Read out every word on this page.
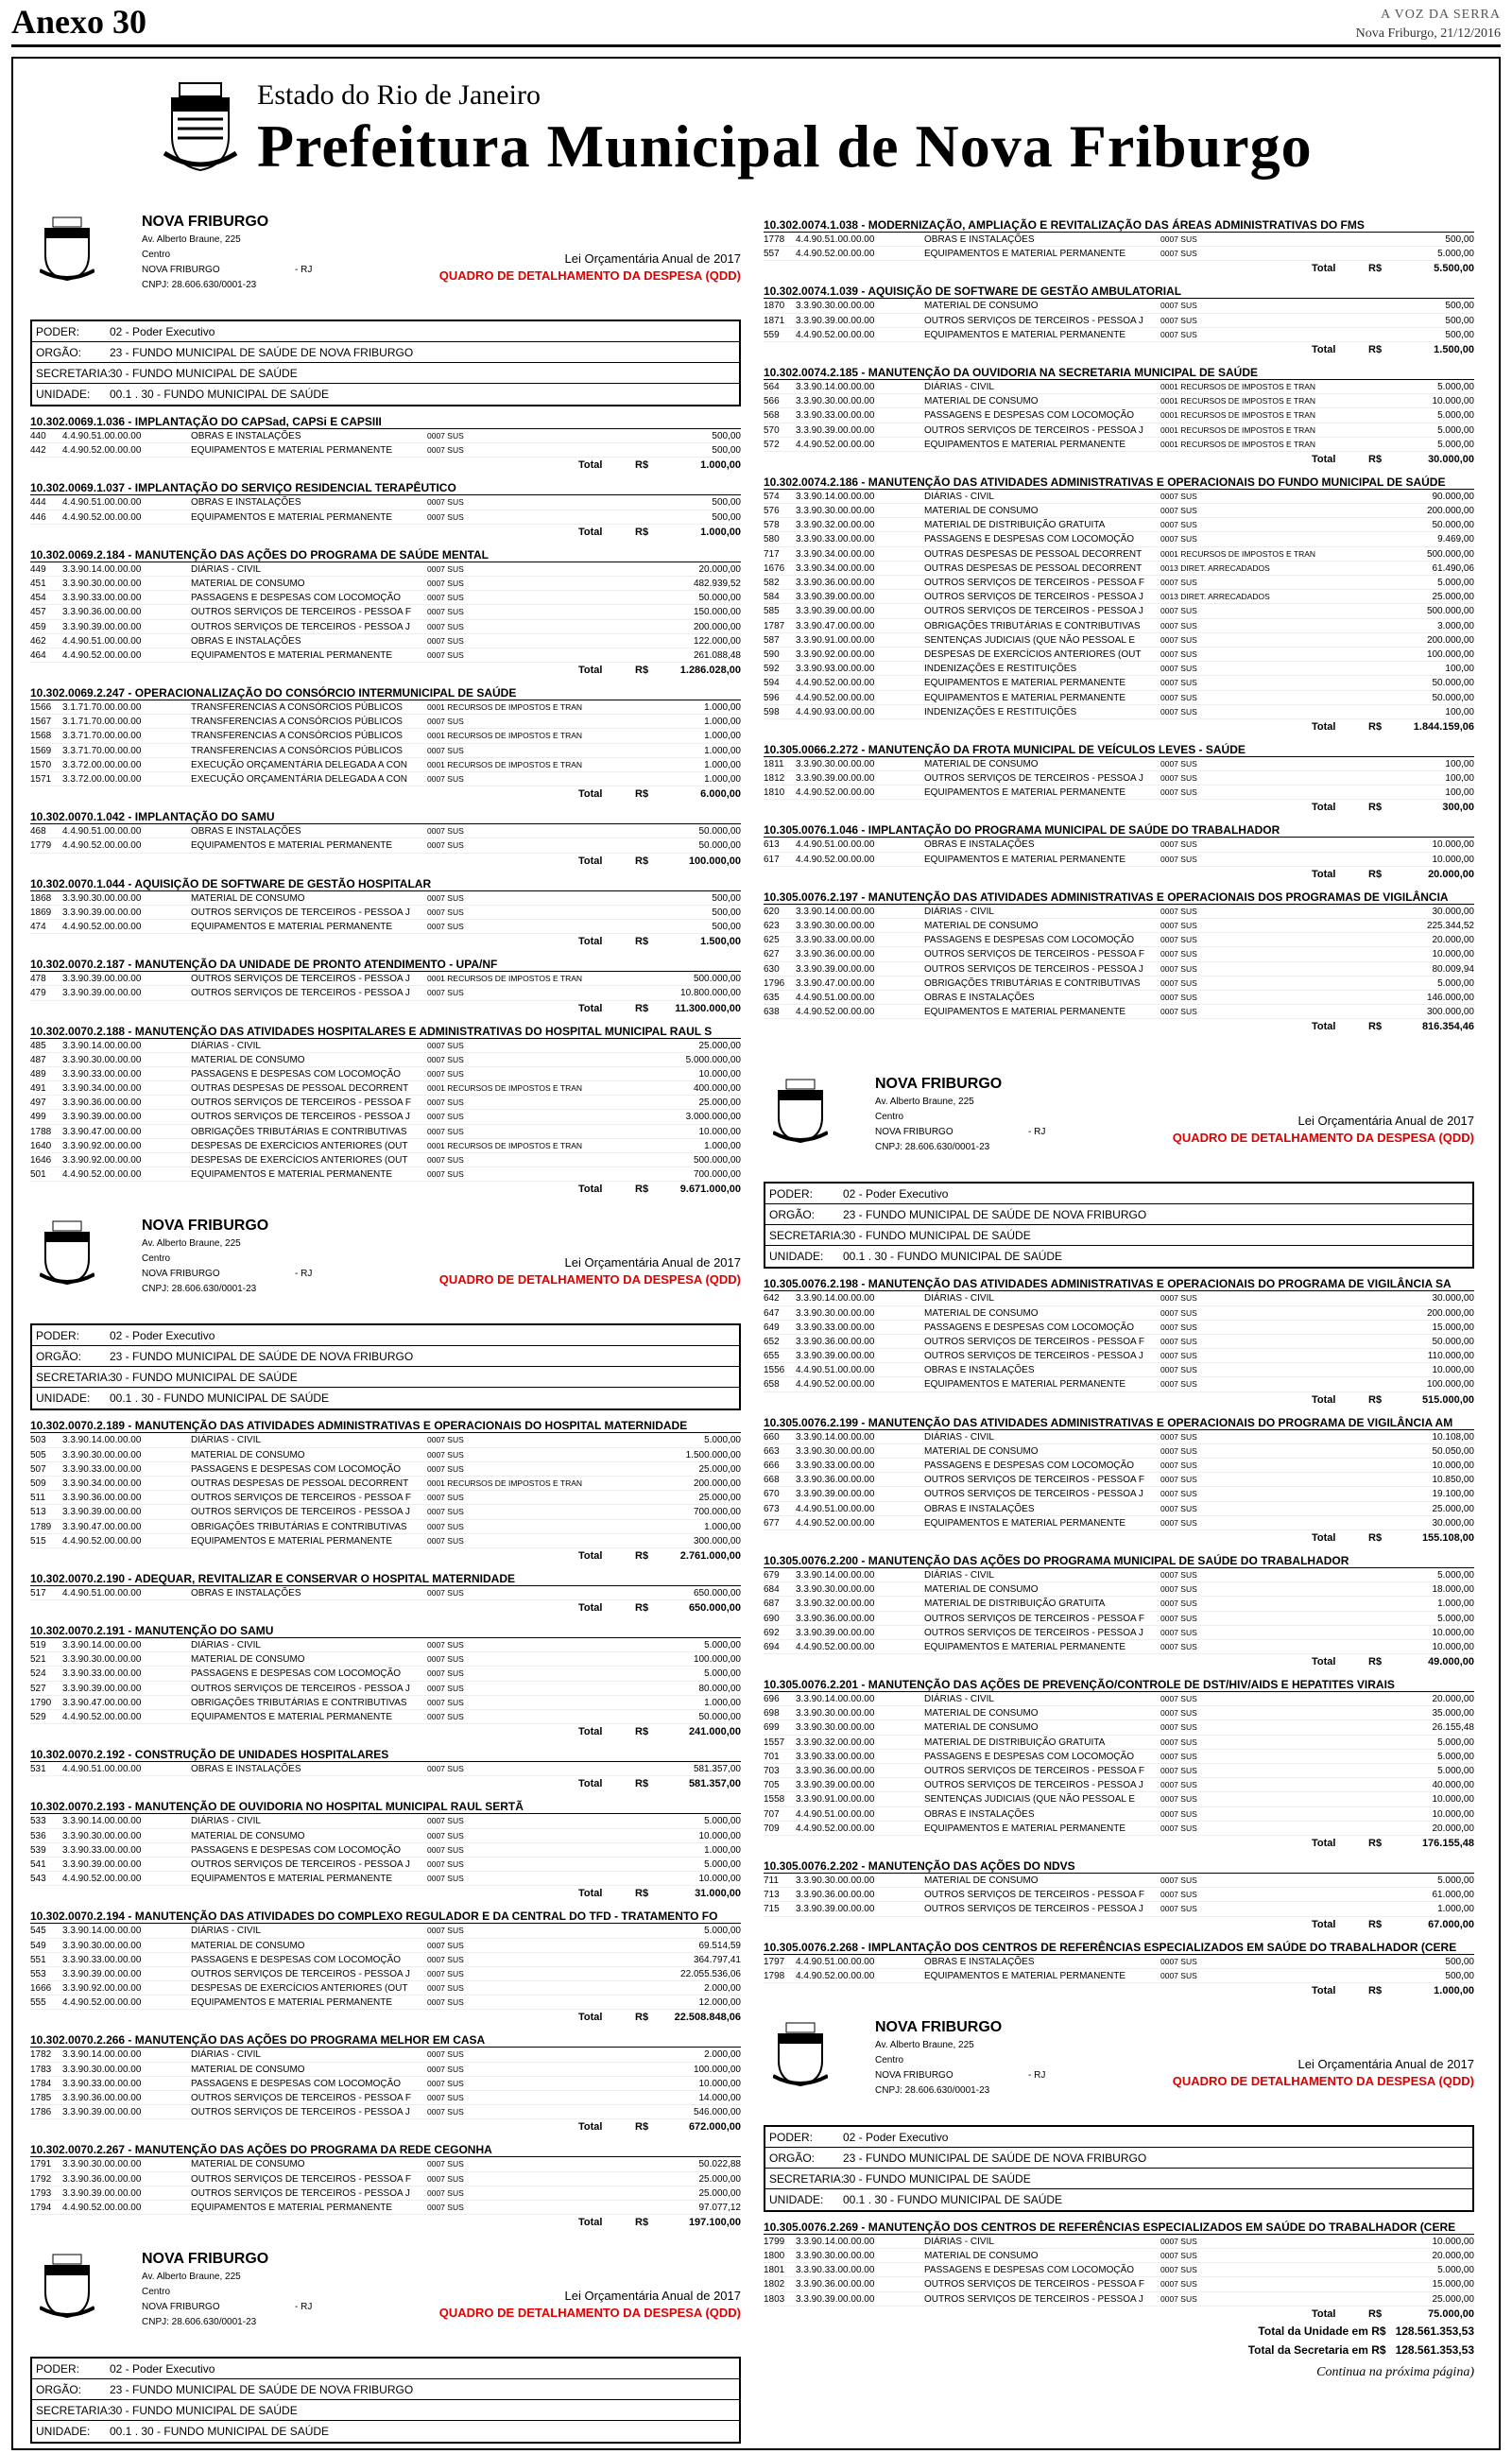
Anexo 30	A VOZ DA SERRA
Nova Friburgo, 21/12/2016
Estado do Rio de Janeiro
Prefeitura Municipal de Nova Friburgo
NOVA FRIBURGO
Av. Alberto Braune, 225
Centro
NOVA FRIBURGO	- RJ
CNPJ: 28.606.630/0001-23
Lei Orçamentária Anual de 2017
QUADRO DE DETALHAMENTO DA DESPESA (QDD)
PODER:	02 - Poder Executivo
ORGÃO: 23 - FUNDO MUNICIPAL DE SAÚDE DE NOVA FRIBURGO
SECRETARIA:30 - FUNDO MUNICIPAL DE SAÚDE
UNIDADE: 00.1 . 30 - FUNDO MUNICIPAL DE SAÚDE
10.302.0069.1.036 - IMPLANTAÇÃO DO CAPSad, CAPSi E CAPSIII
440 4.4.90.51.00.00.00	OBRAS E INSTALAÇÕES	0007 SUS	500,00
442 4.4.90.52.00.00.00	EQUIPAMENTOS E MATERIAL PERMANENTE	0007 SUS	500,00
Total	R$	1.000,00
10.302.0069.1.037 - IMPLANTAÇÃO DO SERVIÇO RESIDENCIAL TERAPÊUTICO
444 4.4.90.51.00.00.00	OBRAS E INSTALAÇÕES	0007 SUS	500,00
446 4.4.90.52.00.00.00	EQUIPAMENTOS E MATERIAL PERMANENTE	0007 SUS	500,00
Total	R$	1.000,00
10.302.0069.2.184 - MANUTENÇÃO DAS AÇÕES DO PROGRAMA DE SAÚDE MENTAL
449 3.3.90.14.00.00.00	DIÁRIAS - CIVIL	0007 SUS	20.000,00
451 3.3.90.30.00.00.00	MATERIAL DE CONSUMO	0007 SUS	482.939,52
454 3.3.90.33.00.00.00	PASSAGENS E DESPESAS COM LOCOMOÇÃO	0007 SUS	50.000,00
457 3.3.90.36.00.00.00	OUTROS SERVIÇOS DE TERCEIROS - PESSOA F	0007 SUS	150.000,00
459 3.3.90.39.00.00.00	OUTROS SERVIÇOS DE TERCEIROS - PESSOA J	0007 SUS	200.000,00
462 4.4.90.51.00.00.00	OBRAS E INSTALAÇÕES	0007 SUS	122.000,00
464 4.4.90.52.00.00.00	EQUIPAMENTOS E MATERIAL PERMANENTE	0007 SUS	261.088,48
Total	R$	1.286.028,00
10.302.0069.2.247 - OPERACIONALIZAÇÃO DO CONSÓRCIO INTERMUNICIPAL DE SAÚDE
1566 3.1.71.70.00.00.00	TRANSFERENCIAS A CONSÓRCIOS PÚBLICOS	0001 RECURSOS DE IMPOSTOS E TRAN	1.000,00
1567 3.1.71.70.00.00.00	TRANSFERENCIAS A CONSÓRCIOS PÚBLICOS	0007 SUS	1.000,00
1568 3.3.71.70.00.00.00	TRANSFERENCIAS A CONSÓRCIOS PÚBLICOS	0001 RECURSOS DE IMPOSTOS E TRAN	1.000,00
1569 3.3.71.70.00.00.00	TRANSFERENCIAS A CONSÓRCIOS PÚBLICOS	0007 SUS	1.000,00
1570 3.3.72.00.00.00.00	EXECUÇÃO ORÇAMENTÁRIA DELEGADA A CON	0001 RECURSOS DE IMPOSTOS E TRAN	1.000,00
1571 3.3.72.00.00.00.00	EXECUÇÃO ORÇAMENTÁRIA DELEGADA A CON	0007 SUS	1.000,00
Total	R$	6.000,00
10.302.0070.1.042 - IMPLANTAÇÃO DO SAMU
468 4.4.90.51.00.00.00	OBRAS E INSTALAÇÕES	0007 SUS	50.000,00
1779 4.4.90.52.00.00.00	EQUIPAMENTOS E MATERIAL PERMANENTE	0007 SUS	50.000,00
Total	R$	100.000,00
10.302.0070.1.044 - AQUISIÇÃO DE SOFTWARE DE GESTÃO HOSPITALAR
1868 3.3.90.30.00.00.00	MATERIAL DE CONSUMO	0007 SUS	500,00
1869 3.3.90.39.00.00.00	OUTROS SERVIÇOS DE TERCEIROS - PESSOA J	0007 SUS	500,00
474 4.4.90.52.00.00.00	EQUIPAMENTOS E MATERIAL PERMANENTE	0007 SUS	500,00
Total	R$	1.500,00
10.302.0070.2.187 - MANUTENÇÃO DA UNIDADE DE PRONTO ATENDIMENTO - UPA/NF
478 3.3.90.39.00.00.00	OUTROS SERVIÇOS DE TERCEIROS - PESSOA J	0001 RECURSOS DE IMPOSTOS E TRAN	500.000,00
479 3.3.90.39.00.00.00	OUTROS SERVIÇOS DE TERCEIROS - PESSOA J	0007 SUS	10.800.000,00
Total	R$	11.300.000,00
10.302.0070.2.188 - MANUTENÇÃO DAS ATIVIDADES HOSPITALARES E ADMINISTRATIVAS DO HOSPITAL MUNICIPAL RAUL S
485 3.3.90.14.00.00.00	DIÁRIAS - CIVIL	0007 SUS	25.000,00
487 3.3.90.30.00.00.00	MATERIAL DE CONSUMO	0007 SUS	5.000.000,00
489 3.3.90.33.00.00.00	PASSAGENS E DESPESAS COM LOCOMOÇÃO	0007 SUS	10.000,00
491 3.3.90.34.00.00.00	OUTRAS DESPESAS DE PESSOAL DECORRENT	0001 RECURSOS DE IMPOSTOS E TRAN	400.000,00
497 3.3.90.36.00.00.00	OUTROS SERVIÇOS DE TERCEIROS - PESSOA F	0007 SUS	25.000,00
499 3.3.90.39.00.00.00	OUTROS SERVIÇOS DE TERCEIROS - PESSOA J	0007 SUS	3.000.000,00
1788 3.3.90.47.00.00.00	OBRIGAÇÕES TRIBUTÁRIAS E CONTRIBUTIVAS	0007 SUS	10.000,00
1640 3.3.90.92.00.00.00	DESPESAS DE EXERCÍCIOS ANTERIORES (OUT	0001 RECURSOS DE IMPOSTOS E TRAN	1.000,00
1646 3.3.90.92.00.00.00	DESPESAS DE EXERCÍCIOS ANTERIORES (OUT	0007 SUS	500.000,00
501 4.4.90.52.00.00.00	EQUIPAMENTOS E MATERIAL PERMANENTE	0007 SUS	700.000,00
Total	R$	9.671.000,00
NOVA FRIBURGO
Av. Alberto Braune, 225
Centro
NOVA FRIBURGO	- RJ
CNPJ: 28.606.630/0001-23
Lei Orçamentária Anual de 2017
QUADRO DE DETALHAMENTO DA DESPESA (QDD)
PODER:	02 - Poder Executivo
ORGÃO: 23 - FUNDO MUNICIPAL DE SAÚDE DE NOVA FRIBURGO
SECRETARIA:30 - FUNDO MUNICIPAL DE SAÚDE
UNIDADE: 00.1 . 30 - FUNDO MUNICIPAL DE SAÚDE
10.302.0070.2.189 - MANUTENÇÃO DAS ATIVIDADES ADMINISTRATIVAS E OPERACIONAIS DO HOSPITAL MATERNIDADE
503 3.3.90.14.00.00.00	DIÁRIAS - CIVIL	0007 SUS	5.000,00
505 3.3.90.30.00.00.00	MATERIAL DE CONSUMO	0007 SUS	1.500.000,00
507 3.3.90.33.00.00.00	PASSAGENS E DESPESAS COM LOCOMOÇÃO	0007 SUS	25.000,00
509 3.3.90.34.00.00.00	OUTRAS DESPESAS DE PESSOAL DECORRENT	0001 RECURSOS DE IMPOSTOS E TRAN	200.000,00
511 3.3.90.36.00.00.00	OUTROS SERVIÇOS DE TERCEIROS - PESSOA F	0007 SUS	25.000,00
513 3.3.90.39.00.00.00	OUTROS SERVIÇOS DE TERCEIROS - PESSOA J	0007 SUS	700.000,00
1789 3.3.90.47.00.00.00	OBRIGAÇÕES TRIBUTÁRIAS E CONTRIBUTIVAS	0007 SUS	1.000,00
515 4.4.90.52.00.00.00	EQUIPAMENTOS E MATERIAL PERMANENTE	0007 SUS	300.000,00
Total	R$	2.761.000,00
10.302.0070.2.190 - ADEQUAR, REVITALIZAR E CONSERVAR O HOSPITAL MATERNIDADE
517 4.4.90.51.00.00.00	OBRAS E INSTALAÇÕES	0007 SUS	650.000,00
Total	R$	650.000,00
10.302.0070.2.191 - MANUTENÇÃO DO SAMU
519 3.3.90.14.00.00.00	DIÁRIAS - CIVIL	0007 SUS	5.000,00
521 3.3.90.30.00.00.00	MATERIAL DE CONSUMO	0007 SUS	100.000,00
524 3.3.90.33.00.00.00	PASSAGENS E DESPESAS COM LOCOMOÇÃO	0007 SUS	5.000,00
527 3.3.90.39.00.00.00	OUTROS SERVIÇOS DE TERCEIROS - PESSOA J	0007 SUS	80.000,00
1790 3.3.90.47.00.00.00	OBRIGAÇÕES TRIBUTÁRIAS E CONTRIBUTIVAS	0007 SUS	1.000,00
529 4.4.90.52.00.00.00	EQUIPAMENTOS E MATERIAL PERMANENTE	0007 SUS	50.000,00
Total	R$	241.000,00
10.302.0070.2.192 - CONSTRUÇÃO DE UNIDADES HOSPITALARES
531 4.4.90.51.00.00.00	OBRAS E INSTALAÇÕES	0007 SUS	581.357,00
Total	R$	581.357,00
10.302.0070.2.193 - MANUTENÇÃO DE OUVIDORIA NO HOSPITAL MUNICIPAL RAUL SERTÃ
533 3.3.90.14.00.00.00	DIÁRIAS - CIVIL	0007 SUS	5.000,00
536 3.3.90.30.00.00.00	MATERIAL DE CONSUMO	0007 SUS	10.000,00
539 3.3.90.33.00.00.00	PASSAGENS E DESPESAS COM LOCOMOÇÃO	0007 SUS	1.000,00
541 3.3.90.39.00.00.00	OUTROS SERVIÇOS DE TERCEIROS - PESSOA J	0007 SUS	5.000,00
543 4.4.90.52.00.00.00	EQUIPAMENTOS E MATERIAL PERMANENTE	0007 SUS	10.000,00
Total	R$	31.000,00
10.302.0070.2.194 - MANUTENÇÃO DAS ATIVIDADES DO COMPLEXO REGULADOR E DA CENTRAL DO TFD - TRATAMENTO FO
545 3.3.90.14.00.00.00	DIÁRIAS - CIVIL	0007 SUS	5.000,00
549 3.3.90.30.00.00.00	MATERIAL DE CONSUMO	0007 SUS	69.514,59
551 3.3.90.33.00.00.00	PASSAGENS E DESPESAS COM LOCOMOÇÃO	0007 SUS	364.797,41
553 3.3.90.39.00.00.00	OUTROS SERVIÇOS DE TERCEIROS - PESSOA J	0007 SUS	22.055.536,06
1666 3.3.90.92.00.00.00	DESPESAS DE EXERCÍCIOS ANTERIORES (OUT	0007 SUS	2.000,00
555 4.4.90.52.00.00.00	EQUIPAMENTOS E MATERIAL PERMANENTE	0007 SUS	12.000,00
Total	R$	22.508.848,06
10.302.0070.2.266 - MANUTENÇÃO DAS AÇÕES DO PROGRAMA MELHOR EM CASA
1782 3.3.90.14.00.00.00	DIÁRIAS - CIVIL	0007 SUS	2.000,00
1783 3.3.90.30.00.00.00	MATERIAL DE CONSUMO	0007 SUS	100.000,00
1784 3.3.90.33.00.00.00	PASSAGENS E DESPESAS COM LOCOMOÇÃO	0007 SUS	10.000,00
1785 3.3.90.36.00.00.00	OUTROS SERVIÇOS DE TERCEIROS - PESSOA F	0007 SUS	14.000,00
1786 3.3.90.39.00.00.00	OUTROS SERVIÇOS DE TERCEIROS - PESSOA J	0007 SUS	546.000,00
Total	R$	672.000,00
10.302.0070.2.267 - MANUTENÇÃO DAS AÇÕES DO PROGRAMA DA REDE CEGONHA
1791 3.3.90.30.00.00.00	MATERIAL DE CONSUMO	0007 SUS	50.022,88
1792 3.3.90.36.00.00.00	OUTROS SERVIÇOS DE TERCEIROS - PESSOA F	0007 SUS	25.000,00
1793 3.3.90.39.00.00.00	OUTROS SERVIÇOS DE TERCEIROS - PESSOA J	0007 SUS	25.000,00
1794 4.4.90.52.00.00.00	EQUIPAMENTOS E MATERIAL PERMANENTE	0007 SUS	97.077,12
Total	R$	197.100,00
NOVA FRIBURGO
Av. Alberto Braune, 225
Centro
NOVA FRIBURGO	- RJ
CNPJ: 28.606.630/0001-23
Lei Orçamentária Anual de 2017
QUADRO DE DETALHAMENTO DA DESPESA (QDD)
PODER:	02 - Poder Executivo
ORGÃO: 23 - FUNDO MUNICIPAL DE SAÚDE DE NOVA FRIBURGO
SECRETARIA:30 - FUNDO MUNICIPAL DE SAÚDE
UNIDADE: 00.1 . 30 - FUNDO MUNICIPAL DE SAÚDE
10.302.0074.1.038 - MODERNIZAÇÃO, AMPLIAÇÃO E REVITALIZAÇÃO DAS ÁREAS ADMINISTRATIVAS DO FMS
1778 4.4.90.51.00.00.00	OBRAS E INSTALAÇÕES	0007 SUS	500,00
557 4.4.90.52.00.00.00	EQUIPAMENTOS E MATERIAL PERMANENTE	0007 SUS	5.000,00
Total	R$	5.500,00
10.302.0074.1.039 - AQUISIÇÃO DE SOFTWARE DE GESTÃO AMBULATORIAL
1870 3.3.90.30.00.00.00	MATERIAL DE CONSUMO	0007 SUS	500,00
1871 3.3.90.39.00.00.00	OUTROS SERVIÇOS DE TERCEIROS - PESSOA J	0007 SUS	500,00
559 4.4.90.52.00.00.00	EQUIPAMENTOS E MATERIAL PERMANENTE	0007 SUS	500,00
Total	R$	1.500,00
10.302.0074.2.185 - MANUTENÇÃO DA OUVIDORIA NA SECRETARIA MUNICIPAL DE SAÚDE
564 3.3.90.14.00.00.00	DIÁRIAS - CIVIL	0001 RECURSOS DE IMPOSTOS E TRAN	5.000,00
566 3.3.90.30.00.00.00	MATERIAL DE CONSUMO	0001 RECURSOS DE IMPOSTOS E TRAN	10.000,00
568 3.3.90.33.00.00.00	PASSAGENS E DESPESAS COM LOCOMOÇÃO	0001 RECURSOS DE IMPOSTOS E TRAN	5.000,00
570 3.3.90.39.00.00.00	OUTROS SERVIÇOS DE TERCEIROS - PESSOA J	0001 RECURSOS DE IMPOSTOS E TRAN	5.000,00
572 4.4.90.52.00.00.00	EQUIPAMENTOS E MATERIAL PERMANENTE	0001 RECURSOS DE IMPOSTOS E TRAN	5.000,00
Total	R$	30.000,00
10.302.0074.2.186 - MANUTENÇÃO DAS ATIVIDADES ADMINISTRATIVAS E OPERACIONAIS DO FUNDO MUNICIPAL DE SAÚDE
574 3.3.90.14.00.00.00	DIÁRIAS - CIVIL	0007 SUS	90.000,00
576 3.3.90.30.00.00.00	MATERIAL DE CONSUMO	0007 SUS	200.000,00
578 3.3.90.32.00.00.00	MATERIAL DE DISTRIBUIÇÃO GRATUITA	0007 SUS	50.000,00
580 3.3.90.33.00.00.00	PASSAGENS E DESPESAS COM LOCOMOÇÃO	0007 SUS	9.469,00
717 3.3.90.34.00.00.00	OUTRAS DESPESAS DE PESSOAL DECORRENT	0001 RECURSOS DE IMPOSTOS E TRAN	500.000,00
1676 3.3.90.34.00.00.00	OUTRAS DESPESAS DE PESSOAL DECORRENT	0013 DIRET. ARRECADADOS	61.490,06
582 3.3.90.36.00.00.00	OUTROS SERVIÇOS DE TERCEIROS - PESSOA F	0007 SUS	5.000,00
584 3.3.90.39.00.00.00	OUTROS SERVIÇOS DE TERCEIROS - PESSOA J	0013 DIRET. ARRECADADOS	25.000,00
585 3.3.90.39.00.00.00	OUTROS SERVIÇOS DE TERCEIROS - PESSOA J	0007 SUS	500.000,00
1787 3.3.90.47.00.00.00	OBRIGAÇÕES TRIBUTÁRIAS E CONTRIBUTIVAS	0007 SUS	3.000,00
587 3.3.90.91.00.00.00	SENTENÇAS JUDICIAIS (QUE NÃO PESSOAL E	0007 SUS	200.000,00
590 3.3.90.92.00.00.00	DESPESAS DE EXERCÍCIOS ANTERIORES (OUT	0007 SUS	100.000,00
592 3.3.90.93.00.00.00	INDENIZAÇÕES E RESTITUIÇÕES	0007 SUS	100,00
594 4.4.90.52.00.00.00	EQUIPAMENTOS E MATERIAL PERMANENTE	0007 SUS	50.000,00
596 4.4.90.52.00.00.00	EQUIPAMENTOS E MATERIAL PERMANENTE	0007 SUS	50.000,00
598 4.4.90.93.00.00.00	INDENIZAÇÕES E RESTITUIÇÕES	0007 SUS	100,00
Total	R$	1.844.159,06
10.305.0066.2.272 - MANUTENÇÃO DA FROTA MUNICIPAL DE VEÍCULOS LEVES - SAÚDE
1811 3.3.90.30.00.00.00	MATERIAL DE CONSUMO	0007 SUS	100,00
1812 3.3.90.39.00.00.00	OUTROS SERVIÇOS DE TERCEIROS - PESSOA J	0007 SUS	100,00
1810 4.4.90.52.00.00.00	EQUIPAMENTOS E MATERIAL PERMANENTE	0007 SUS	100,00
Total	R$	300,00
10.305.0076.1.046 - IMPLANTAÇÃO DO PROGRAMA MUNICIPAL DE SAÚDE DO TRABALHADOR
613 4.4.90.51.00.00.00	OBRAS E INSTALAÇÕES	0007 SUS	10.000,00
617 4.4.90.52.00.00.00	EQUIPAMENTOS E MATERIAL PERMANENTE	0007 SUS	10.000,00
Total	R$	20.000,00
10.305.0076.2.197 - MANUTENÇÃO DAS ATIVIDADES ADMINISTRATIVAS E OPERACIONAIS DOS PROGRAMAS DE VIGILÂNCIA
620 3.3.90.14.00.00.00	DIÁRIAS - CIVIL	0007 SUS	30.000,00
623 3.3.90.30.00.00.00	MATERIAL DE CONSUMO	0007 SUS	225.344,52
625 3.3.90.33.00.00.00	PASSAGENS E DESPESAS COM LOCOMOÇÃO	0007 SUS	20.000,00
627 3.3.90.36.00.00.00	OUTROS SERVIÇOS DE TERCEIROS - PESSOA F	0007 SUS	10.000,00
630 3.3.90.39.00.00.00	OUTROS SERVIÇOS DE TERCEIROS - PESSOA J	0007 SUS	80.009,94
1796 3.3.90.47.00.00.00	OBRIGAÇÕES TRIBUTÁRIAS E CONTRIBUTIVAS	0007 SUS	5.000,00
635 4.4.90.51.00.00.00	OBRAS E INSTALAÇÕES	0007 SUS	146.000,00
638 4.4.90.52.00.00.00	EQUIPAMENTOS E MATERIAL PERMANENTE	0007 SUS	300.000,00
Total	R$	816.354,46
NOVA FRIBURGO
Av. Alberto Braune, 225
Centro
NOVA FRIBURGO	- RJ
CNPJ: 28.606.630/0001-23
Lei Orçamentária Anual de 2017
QUADRO DE DETALHAMENTO DA DESPESA (QDD)
PODER:	02 - Poder Executivo
ORGÃO: 23 - FUNDO MUNICIPAL DE SAÚDE DE NOVA FRIBURGO
SECRETARIA:30 - FUNDO MUNICIPAL DE SAÚDE
UNIDADE: 00.1 . 30 - FUNDO MUNICIPAL DE SAÚDE
10.305.0076.2.198 - MANUTENÇÃO DAS ATIVIDADES ADMINISTRATIVAS E OPERACIONAIS DO PROGRAMA DE VIGILÂNCIA SA
642 3.3.90.14.00.00.00	DIÁRIAS - CIVIL	0007 SUS	30.000,00
647 3.3.90.30.00.00.00	MATERIAL DE CONSUMO	0007 SUS	200.000,00
649 3.3.90.33.00.00.00	PASSAGENS E DESPESAS COM LOCOMOÇÃO	0007 SUS	15.000,00
652 3.3.90.36.00.00.00	OUTROS SERVIÇOS DE TERCEIROS - PESSOA F	0007 SUS	50.000,00
655 3.3.90.39.00.00.00	OUTROS SERVIÇOS DE TERCEIROS - PESSOA J	0007 SUS	110.000,00
1556 4.4.90.51.00.00.00	OBRAS E INSTALAÇÕES	0007 SUS	10.000,00
658 4.4.90.52.00.00.00	EQUIPAMENTOS E MATERIAL PERMANENTE	0007 SUS	100.000,00
Total	R$	515.000,00
10.305.0076.2.199 - MANUTENÇÃO DAS ATIVIDADES ADMINISTRATIVAS E OPERACIONAIS DO PROGRAMA DE VIGILÂNCIA AM
660 3.3.90.14.00.00.00	DIÁRIAS - CIVIL	0007 SUS	10.108,00
663 3.3.90.30.00.00.00	MATERIAL DE CONSUMO	0007 SUS	50.050,00
666 3.3.90.33.00.00.00	PASSAGENS E DESPESAS COM LOCOMOÇÃO	0007 SUS	10.000,00
668 3.3.90.36.00.00.00	OUTROS SERVIÇOS DE TERCEIROS - PESSOA F	0007 SUS	10.850,00
670 3.3.90.39.00.00.00	OUTROS SERVIÇOS DE TERCEIROS - PESSOA J	0007 SUS	19.100,00
673 4.4.90.51.00.00.00	OBRAS E INSTALAÇÕES	0007 SUS	25.000,00
677 4.4.90.52.00.00.00	EQUIPAMENTOS E MATERIAL PERMANENTE	0007 SUS	30.000,00
Total	R$	155.108,00
10.305.0076.2.200 - MANUTENÇÃO DAS AÇÕES DO PROGRAMA MUNICIPAL DE SAÚDE DO TRABALHADOR
679 3.3.90.14.00.00.00	DIÁRIAS - CIVIL	0007 SUS	5.000,00
684 3.3.90.30.00.00.00	MATERIAL DE CONSUMO	0007 SUS	18.000,00
687 3.3.90.32.00.00.00	MATERIAL DE DISTRIBUIÇÃO GRATUITA	0007 SUS	1.000,00
690 3.3.90.36.00.00.00	OUTROS SERVIÇOS DE TERCEIROS - PESSOA F	0007 SUS	5.000,00
692 3.3.90.39.00.00.00	OUTROS SERVIÇOS DE TERCEIROS - PESSOA J	0007 SUS	10.000,00
694 4.4.90.52.00.00.00	EQUIPAMENTOS E MATERIAL PERMANENTE	0007 SUS	10.000,00
Total	R$	49.000,00
10.305.0076.2.201 - MANUTENÇÃO DAS AÇÕES DE PREVENÇÃO/CONTROLE DE DST/HIV/AIDS E HEPATITES VIRAIS
696 3.3.90.14.00.00.00	DIÁRIAS - CIVIL	0007 SUS	20.000,00
698 3.3.90.30.00.00.00	MATERIAL DE CONSUMO	0007 SUS	35.000,00
699 3.3.90.30.00.00.00	MATERIAL DE CONSUMO	0007 SUS	26.155,48
1557 3.3.90.32.00.00.00	MATERIAL DE DISTRIBUIÇÃO GRATUITA	0007 SUS	5.000,00
701 3.3.90.33.00.00.00	PASSAGENS E DESPESAS COM LOCOMOÇÃO	0007 SUS	5.000,00
703 3.3.90.36.00.00.00	OUTROS SERVIÇOS DE TERCEIROS - PESSOA F	0007 SUS	5.000,00
705 3.3.90.39.00.00.00	OUTROS SERVIÇOS DE TERCEIROS - PESSOA J	0007 SUS	40.000,00
1558 3.3.90.91.00.00.00	SENTENÇAS JUDICIAIS (QUE NÃO PESSOAL E	0007 SUS	10.000,00
707 4.4.90.51.00.00.00	OBRAS E INSTALAÇÕES	0007 SUS	10.000,00
709 4.4.90.52.00.00.00	EQUIPAMENTOS E MATERIAL PERMANENTE	0007 SUS	20.000,00
Total	R$	176.155,48
10.305.0076.2.202 - MANUTENÇÃO DAS AÇÕES DO NDVS
711 3.3.90.30.00.00.00	MATERIAL DE CONSUMO	0007 SUS	5.000,00
713 3.3.90.36.00.00.00	OUTROS SERVIÇOS DE TERCEIROS - PESSOA F	0007 SUS	61.000,00
715 3.3.90.39.00.00.00	OUTROS SERVIÇOS DE TERCEIROS - PESSOA J	0007 SUS	1.000,00
Total	R$	67.000,00
10.305.0076.2.268 - IMPLANTAÇÃO DOS CENTROS DE REFERÊNCIAS ESPECIALIZADOS EM SAÚDE DO TRABALHADOR (CERE
1797 4.4.90.51.00.00.00	OBRAS E INSTALAÇÕES	0007 SUS	500,00
1798 4.4.90.52.00.00.00	EQUIPAMENTOS E MATERIAL PERMANENTE	0007 SUS	500,00
Total	R$	1.000,00
NOVA FRIBURGO
Av. Alberto Braune, 225
Centro
NOVA FRIBURGO	- RJ
CNPJ: 28.606.630/0001-23
Lei Orçamentária Anual de 2017
QUADRO DE DETALHAMENTO DA DESPESA (QDD)
PODER:	02 - Poder Executivo
ORGÃO: 23 - FUNDO MUNICIPAL DE SAÚDE DE NOVA FRIBURGO
SECRETARIA:30 - FUNDO MUNICIPAL DE SAÚDE
UNIDADE: 00.1 . 30 - FUNDO MUNICIPAL DE SAÚDE
10.305.0076.2.269 - MANUTENÇÃO DOS CENTROS DE REFERÊNCIAS ESPECIALIZADOS EM SAÚDE DO TRABALHADOR (CERE
1799 3.3.90.14.00.00.00	DIÁRIAS - CIVIL	0007 SUS	10.000,00
1800 3.3.90.30.00.00.00	MATERIAL DE CONSUMO	0007 SUS	20.000,00
1801 3.3.90.33.00.00.00	PASSAGENS E DESPESAS COM LOCOMOÇÃO	0007 SUS	5.000,00
1802 3.3.90.36.00.00.00	OUTROS SERVIÇOS DE TERCEIROS - PESSOA F	0007 SUS	15.000,00
1803 3.3.90.39.00.00.00	OUTROS SERVIÇOS DE TERCEIROS - PESSOA J	0007 SUS	25.000,00
Total	R$	75.000,00
Total da Unidade em R$ 128.561.353,53
Total da Secretaria em R$ 128.561.353,53
Continua na próxima página)
